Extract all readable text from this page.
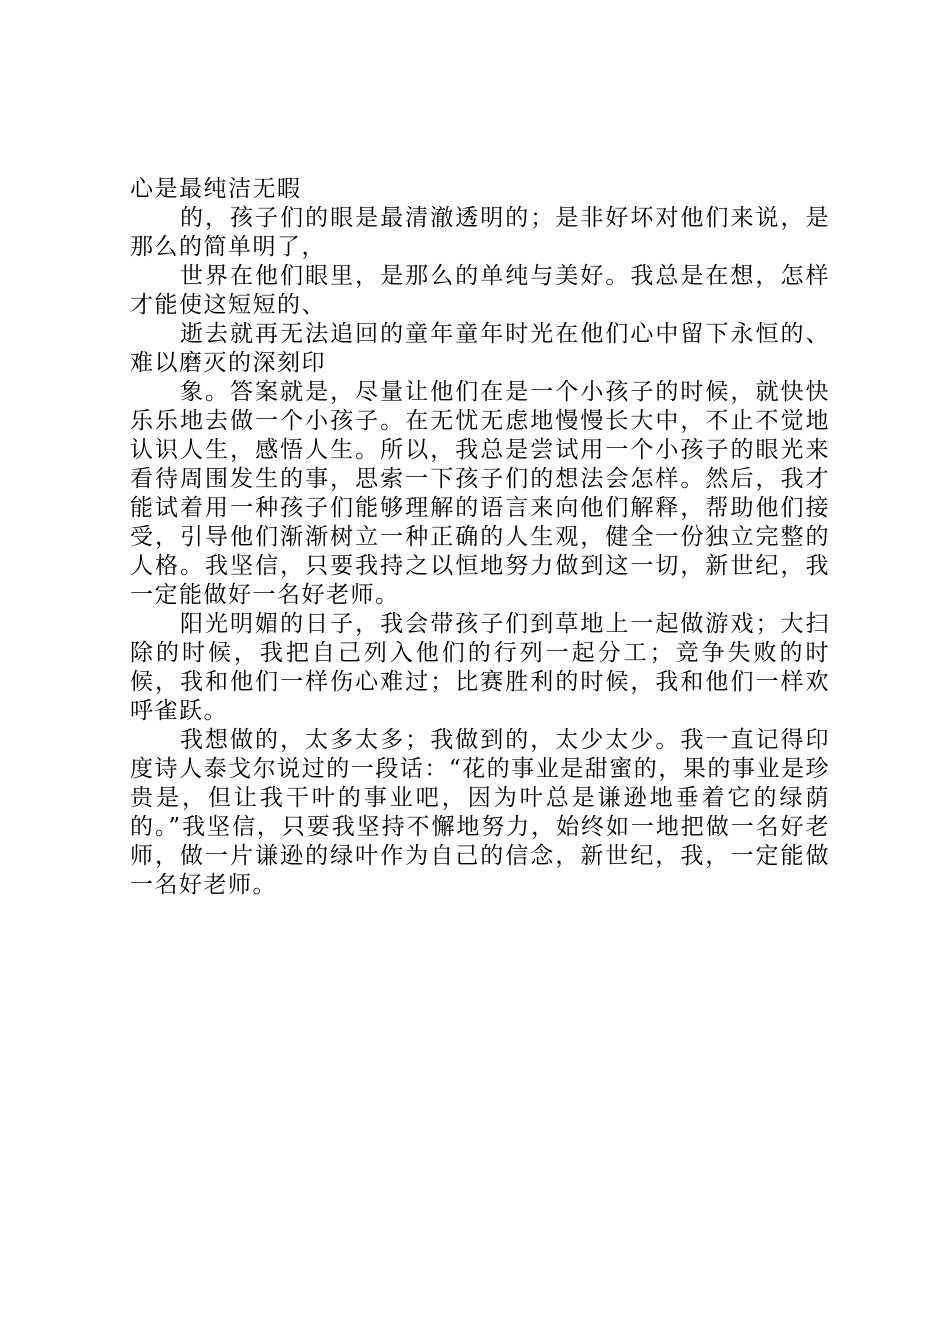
心是最纯洁无暇

的，孩子们的眼是最清澈透明的；是非好坏对他们来说，是那么的简单明了，

世界在他们眼里，是那么的单纯与美好。我总是在想，怎样才能使这短短的、

逝去就再无法追回的童年童年时光在他们心中留下永恒的、难以磨灭的深刻印

象。答案就是，尽量让他们在是一个小孩子的时候，就快快乐乐地去做一个小孩子。在无忧无虑地慢慢长大中，不止不觉地认识人生，感悟人生。所以，我总是尝试用一个小孩子的眼光来看待周围发生的事，思索一下孩子们的想法会怎样。然后，我才能试着用一种孩子们能够理解的语言来向他们解释，帮助他们接受，引导他们渐渐树立一种正确的人生观，健全一份独立完整的人格。我坚信，只要我持之以恒地努力做到这一切，新世纪，我一定能做好一名好老师。

阳光明媚的日子，我会带孩子们到草地上一起做游戏；大扫除的时候，我把自己列入他们的行列一起分工；竞争失败的时候，我和他们一样伤心难过；比赛胜利的时候，我和他们一样欢呼雀跃。

我想做的，太多太多；我做到的，太少太少。我一直记得印度诗人泰戈尔说过的一段话：“花的事业是甜蜜的，果的事业是珍贵是，但让我干叶的事业吧，因为叶总是谦逊地垂着它的绿荫的。”我坚信，只要我坚持不懈地努力，始终如一地把做一名好老师，做一片谦逊的绿叶作为自己的信念，新世纪，我，一定能做一名好老师。
